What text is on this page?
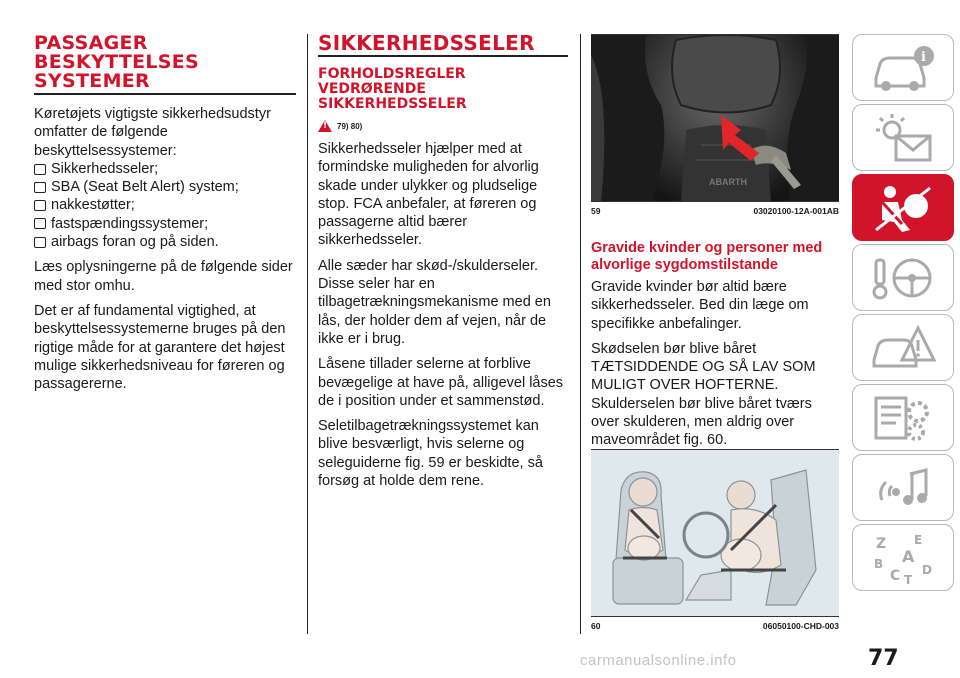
PASSAGER
BESKYTTELSES
SYSTEMER

Køretøjets vigtigste sikkerhedsudstyr omfatter de følgende beskyttelsessystemer:

Sikkerhedsseler;
SBA (Seat Belt Alert) system;
nakkestøtter;
fastspændingssystemer;
airbags foran og på siden.

Læs oplysningerne på de følgende sider med stor omhu.

Det er af fundamental vigtighed, at beskyttelsessystemerne bruges på den rigtige måde for at garantere det højest mulige sikkerhedsniveau for føreren og passagererne.

SIKKERHEDSSELER
FORHOLDSREGLER
VEDRØRENDE
SIKKERHEDSSELER
!
79) 80)

Sikkerhedsseler hjælper med at formindske muligheden for alvorlig skade under ulykker og pludselige stop. FCA anbefaler, at føreren og passagerne altid bærer sikkerhedsseler.

Alle sæder har skød-/skulderseler. Disse seler har en tilbagetrækningsmekanisme med en lås, der holder dem af vejen, når de ikke er i brug.

Låsene tillader selerne at forblive bevægelige at have på, alligevel låses de i position under et sammenstød.

Seletilbagetrækningssystemet kan blive besværligt, hvis selerne og seleguiderne fig. 59 er beskidte, så forsøg at holde dem rene.

ABARTH
59	03020100-12A-001AB
Gravide kvinder og personer med alvorlige sygdomstilstande

Gravide kvinder bør altid bære sikkerhedsseler. Bed din læge om specifikke anbefalinger.

Skødselen bør blive båret TÆTSIDDENDE OG SÅ LAV SOM MULIGT OVER HOFTERNE. Skulderselen bør blive båret tværs over skulderen, men aldrig over maveområdet fig. 60.

60	06050100-CHD-003
i
Z E
B A
C D
T
77
carmanualsonline.info
